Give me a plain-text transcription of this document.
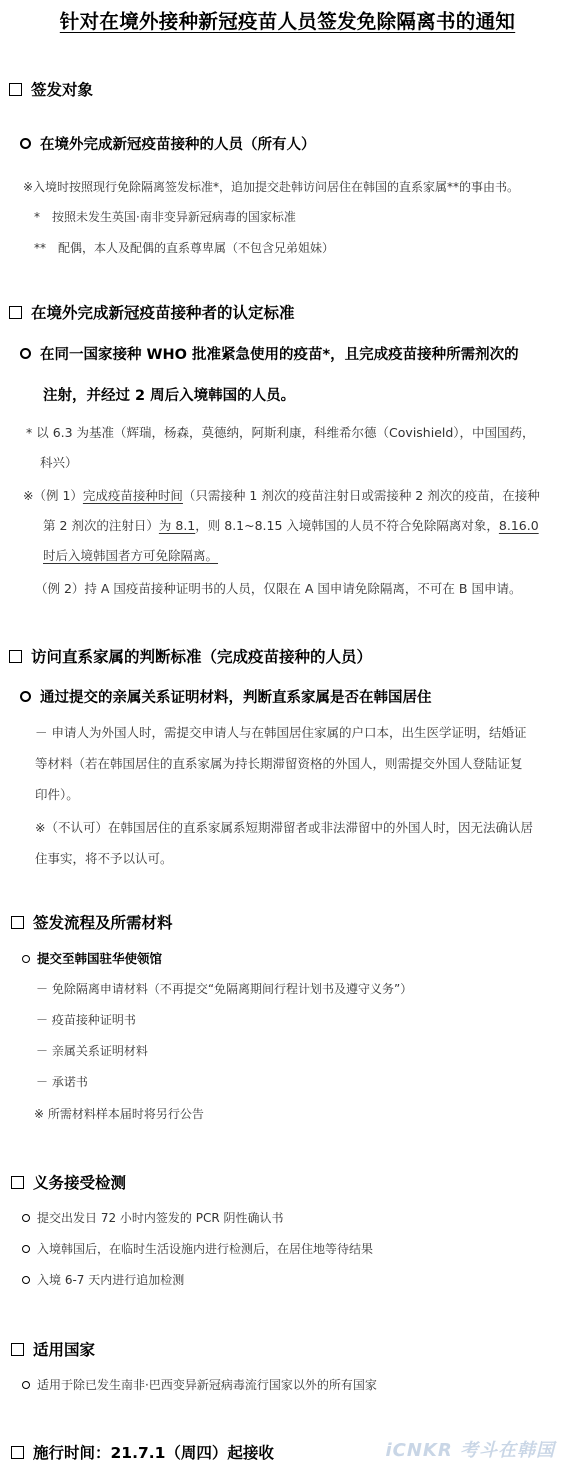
针对在境外接种新冠疫苗人员签发免除隔离书的通知
签发对象
在境外完成新冠疫苗接种的人员（所有人）
※入境时按照现行免除隔离签发标准*，追加提交赴韩访问居住在韩国的直系家属**的事由书。
*　按照未发生英国·南非变异新冠病毒的国家标准
**　配偶，本人及配偶的直系尊卑属（不包含兄弟姐妹）
在境外完成新冠疫苗接种者的认定标准
在同一国家接种 WHO 批准紧急使用的疫苗*，且完成疫苗接种所需剂次的
注射，并经过 2 周后入境韩国的人员。
* 以 6.3 为基准（辉瑞，杨森，莫德纳，阿斯利康，科维希尔德（Covishield），中国国药，
科兴）
※（例 1）完成疫苗接种时间（只需接种 1 剂次的疫苗注射日或需接种 2 剂次的疫苗，在接种
第 2 剂次的注射日）为 8.1，则 8.1~8.15 入境韩国的人员不符合免除隔离对象，8.16.0
时后入境韩国者方可免除隔离。
（例 2）持 A 国疫苗接种证明书的人员，仅限在 A 国申请免除隔离，不可在 B 国申请。
访问直系家属的判断标准（完成疫苗接种的人员）
通过提交的亲属关系证明材料，判断直系家属是否在韩国居住
－ 申请人为外国人时，需提交申请人与在韩国居住家属的户口本，出生医学证明，结婚证
等材料（若在韩国居住的直系家属为持长期滞留资格的外国人，则需提交外国人登陆证复
印件）。
※（不认可）在韩国居住的直系家属系短期滞留者或非法滞留中的外国人时，因无法确认居
住事实，将不予以认可。
签发流程及所需材料
提交至韩国驻华使领馆
－ 免除隔离申请材料（不再提交“免隔离期间行程计划书及遵守义务”）
－ 疫苗接种证明书
－ 亲属关系证明材料
－ 承诺书
※ 所需材料样本届时将另行公告
义务接受检测
提交出发日 72 小时内签发的 PCR 阴性确认书
入境韩国后，在临时生活设施内进行检测后，在居住地等待结果
入境 6-7 天内进行追加检测
适用国家
适用于除已发生南非·巴西变异新冠病毒流行国家以外的所有国家
施行时间：21.7.1（周四）起接收	iCNKR 考斗在韩国
